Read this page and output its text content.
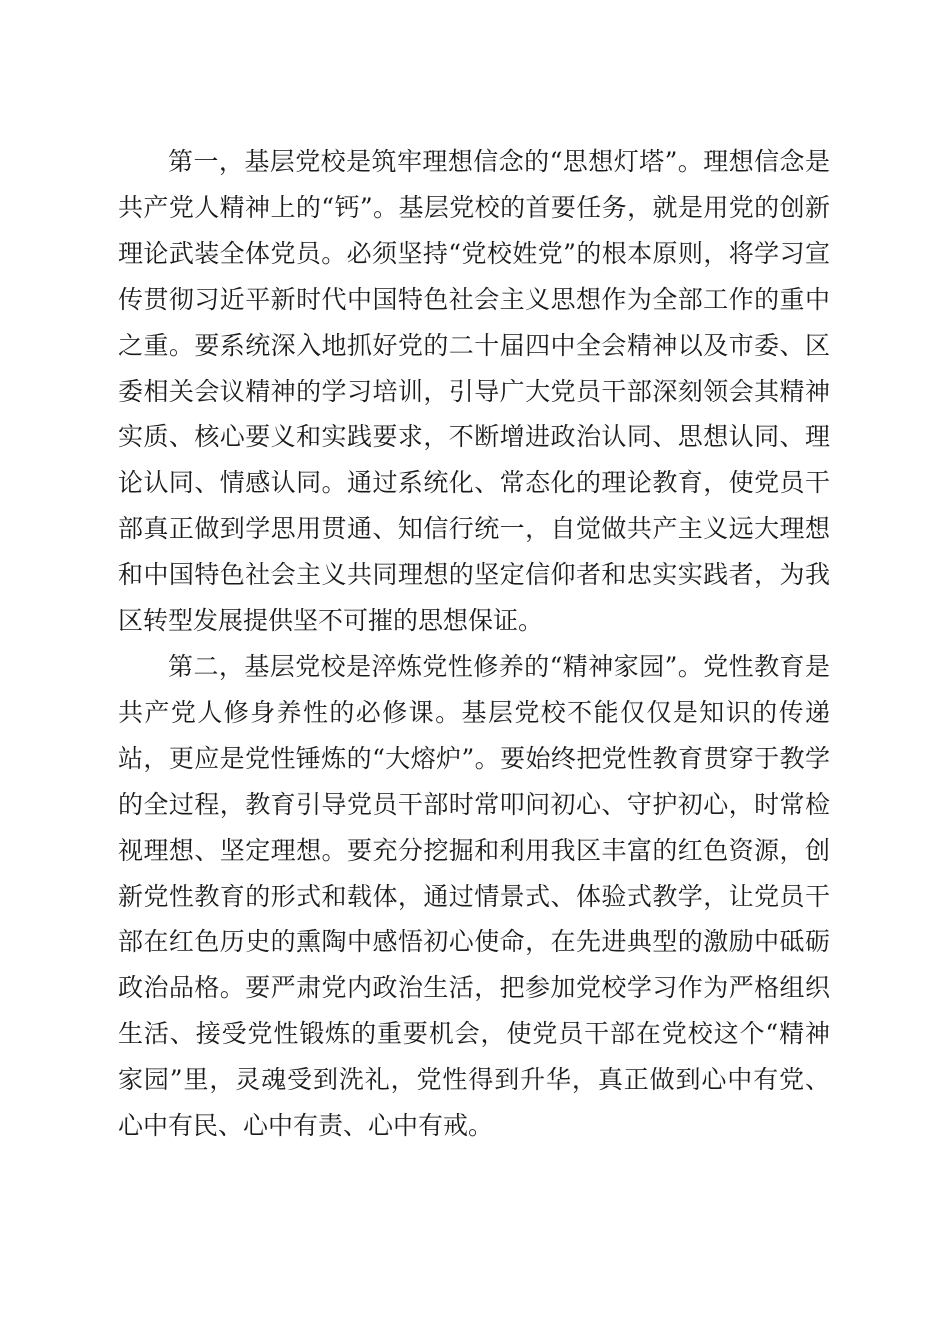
第一，基层党校是筑牢理想信念的“思想灯塔”。理想信念是共产党人精神上的“钙”。基层党校的首要任务，就是用党的创新理论武装全体党员。必须坚持“党校姓党”的根本原则，将学习宣传贯彻习近平新时代中国特色社会主义思想作为全部工作的重中之重。要系统深入地抓好党的二十届四中全会精神以及市委、区委相关会议精神的学习培训，引导广大党员干部深刻领会其精神实质、核心要义和实践要求，不断增进政治认同、思想认同、理论认同、情感认同。通过系统化、常态化的理论教育，使党员干部真正做到学思用贯通、知信行统一，自觉做共产主义远大理想和中国特色社会主义共同理想的坚定信仰者和忠实实践者，为我区转型发展提供坚不可摧的思想保证。

第二，基层党校是淬炼党性修养的“精神家园”。党性教育是共产党人修身养性的必修课。基层党校不能仅仅是知识的传递站，更应是党性锤炼的“大熔炉”。要始终把党性教育贯穿于教学的全过程，教育引导党员干部时常叩问初心、守护初心，时常检视理想、坚定理想。要充分挖掘和利用我区丰富的红色资源，创新党性教育的形式和载体，通过情景式、体验式教学，让党员干部在红色历史的熏陶中感悟初心使命，在先进典型的激励中砥砺政治品格。要严肃党内政治生活，把参加党校学习作为严格组织生活、接受党性锻炼的重要机会，使党员干部在党校这个“精神家园”里，灵魂受到洗礼，党性得到升华，真正做到心中有党、心中有民、心中有责、心中有戒。
